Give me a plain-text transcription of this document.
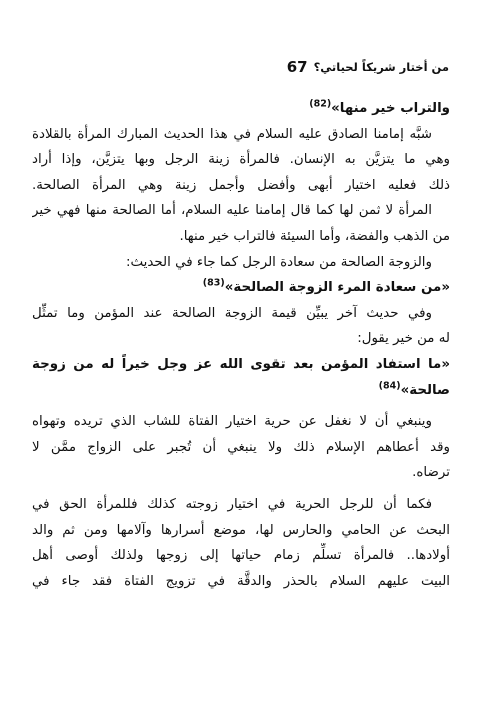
من أختار شريكاً لحياتي؟
67
والتراب خير منها»$^{(82)}$
شبَّه إمامنا الصادق عليه السلام في هذا الحديث المبارك المرأة بالقلادة
وهي ما يتزيَّن به الإنسان. فالمرأة زينة الرجل وبها يتزيَّن، وإذا أراد
ذلك فعليه اختيار أبهى وأفضل وأجمل زينة وهي المرأة الصالحة.
المرأة لا ثمن لها كما قال إمامنا عليه السلام، أما الصالحة منها فهي خير
من الذهب والفضة، وأما السيئة فالتراب خير منها.
والزوجة الصالحة من سعادة الرجل كما جاء في الحديث:
«من سعادة المرء الزوجة الصالحة»$^{(83)}$
وفي حديث آخر يبيِّن قيمة الزوجة الصالحة عند المؤمن وما تمثِّل
له من خير يقول:
«ما استفاد المؤمن بعد تقوى الله عز وجل خيراً له من زوجة
صالحة»$^{(84)}$
وينبغي أن لا نغفل عن حرية اختيار الفتاة للشاب الذي تريده وتهواه
وقد أعطاهم الإسلام ذلك ولا ينبغي أن تُجبر على الزواج ممَّن لا
ترضاه.
فكما أن للرجل الحرية في اختيار زوجته كذلك فللمرأة الحق في
البحث عن الحامي والحارس لها، موضع أسرارها وآلامها ومن ثم والد
أولادها.. فالمرأة تسلِّم زمام حياتها إلى زوجها ولذلك أوصى أهل
البيت عليهم السلام بالحذر والدقَّة في تزويج الفتاة فقد جاء في
